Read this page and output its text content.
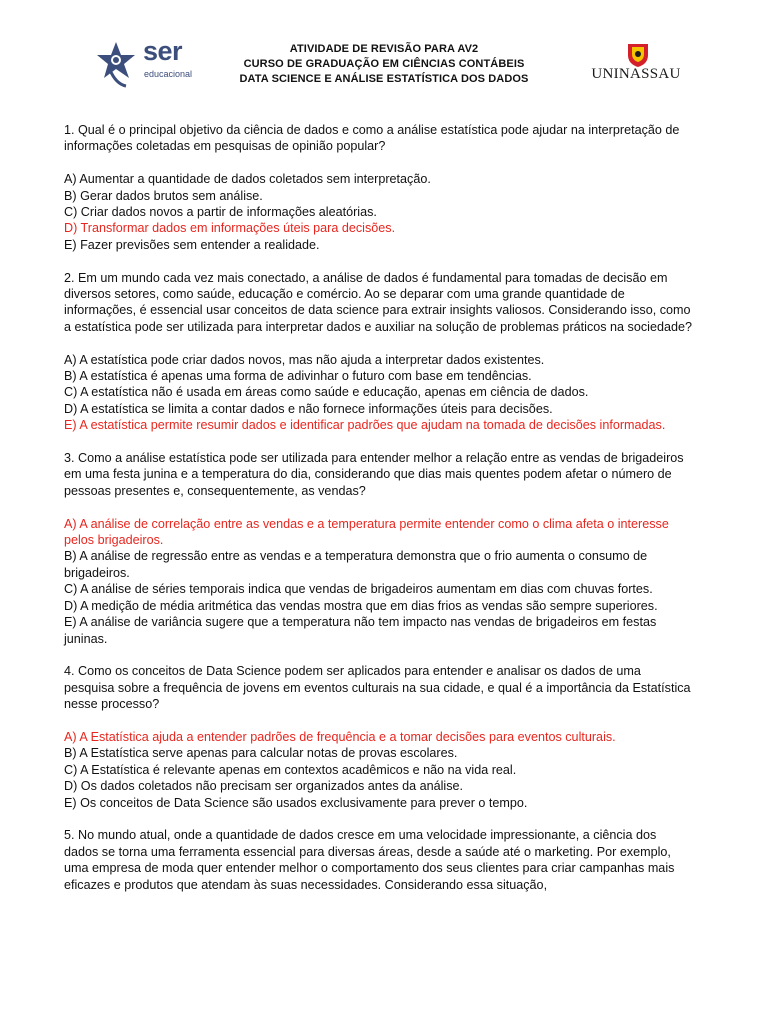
ser
educacional
ATIVIDADE DE REVISÃO PARA AV2
CURSO DE GRADUAÇÃO EM CIÊNCIAS CONTÁBEIS
DATA SCIENCE E ANÁLISE ESTATÍSTICA DOS DADOS	UNINASSAU

1. Qual é o principal objetivo da ciência de dados e como a análise estatística pode ajudar na interpretação de informações coletadas em pesquisas de opinião popular?

A) Aumentar a quantidade de dados coletados sem interpretação.
B) Gerar dados brutos sem análise.
C) Criar dados novos a partir de informações aleatórias.
D) Transformar dados em informações úteis para decisões.
E) Fazer previsões sem entender a realidade.

2. Em um mundo cada vez mais conectado, a análise de dados é fundamental para tomadas de decisão em diversos setores, como saúde, educação e comércio. Ao se deparar com uma grande quantidade de informações, é essencial usar conceitos de data science para extrair insights valiosos. Considerando isso, como a estatística pode ser utilizada para interpretar dados e auxiliar na solução de problemas práticos na sociedade?

A) A estatística pode criar dados novos, mas não ajuda a interpretar dados existentes.
B) A estatística é apenas uma forma de adivinhar o futuro com base em tendências.
C) A estatística não é usada em áreas como saúde e educação, apenas em ciência de dados.
D) A estatística se limita a contar dados e não fornece informações úteis para decisões.
E) A estatística permite resumir dados e identificar padrões que ajudam na tomada de decisões informadas.

3. Como a análise estatística pode ser utilizada para entender melhor a relação entre as vendas de brigadeiros em uma festa junina e a temperatura do dia, considerando que dias mais quentes podem afetar o número de pessoas presentes e, consequentemente, as vendas?

A) A análise de correlação entre as vendas e a temperatura permite entender como o clima afeta o interesse pelos brigadeiros.
B) A análise de regressão entre as vendas e a temperatura demonstra que o frio aumenta o consumo de brigadeiros.
C) A análise de séries temporais indica que vendas de brigadeiros aumentam em dias com chuvas fortes.
D) A medição de média aritmética das vendas mostra que em dias frios as vendas são sempre superiores.
E) A análise de variância sugere que a temperatura não tem impacto nas vendas de brigadeiros em festas juninas.

4. Como os conceitos de Data Science podem ser aplicados para entender e analisar os dados de uma pesquisa sobre a frequência de jovens em eventos culturais na sua cidade, e qual é a importância da Estatística nesse processo?

A) A Estatística ajuda a entender padrões de frequência e a tomar decisões para eventos culturais.
B) A Estatística serve apenas para calcular notas de provas escolares.
C) A Estatística é relevante apenas em contextos acadêmicos e não na vida real.
D) Os dados coletados não precisam ser organizados antes da análise.
E) Os conceitos de Data Science são usados exclusivamente para prever o tempo.

5. No mundo atual, onde a quantidade de dados cresce em uma velocidade impressionante, a ciência dos dados se torna uma ferramenta essencial para diversas áreas, desde a saúde até o marketing. Por exemplo, uma empresa de moda quer entender melhor o comportamento dos seus clientes para criar campanhas mais eficazes e produtos que atendam às suas necessidades. Considerando essa situação,
